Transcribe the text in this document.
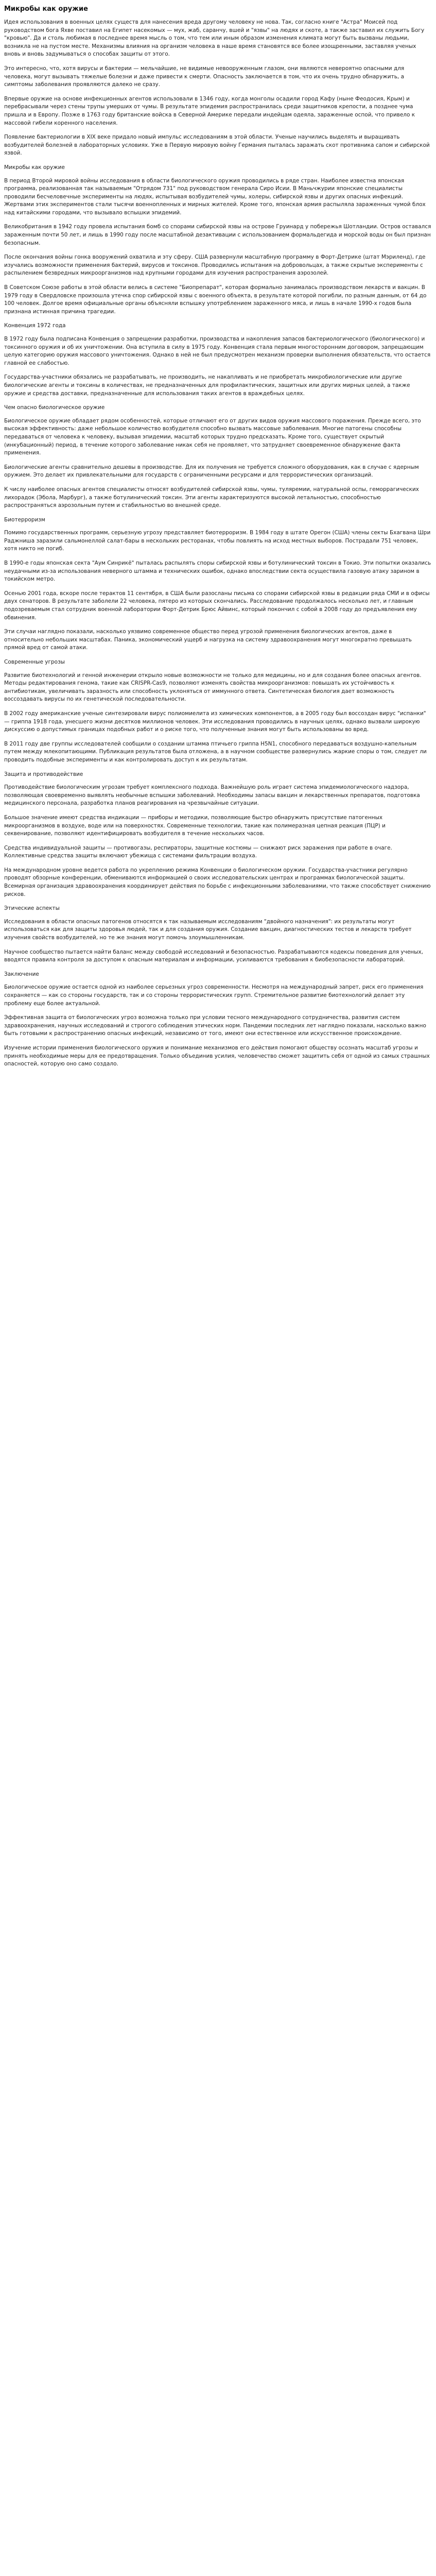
Микробы как оружие

Идея использования в военных целях существ для нанесения вреда другому человеку не нова. Так, согласно книге "Астра" Моисей под руководством бога Яхве поставил на Египет насекомых — мух, жаб, саранчу, вшей и "язвы" на людях и скоте, а также заставил их служить Богу "кровью". Да и столь любимая в последнее время мысль о том, что тем или иным образом изменения климата могут быть вызваны людьми, возникла не на пустом месте. Механизмы влияния на организм человека в наше время становятся все более изощренными, заставляя ученых вновь и вновь задумываться о способах защиты от этого.

Это интересно, что, хотя вирусы и бактерии — мельчайшие, не видимые невооруженным глазом, они являются невероятно опасными для человека, могут вызывать тяжелые болезни и даже привести к смерти. Опасность заключается в том, что их очень трудно обнаружить, а симптомы заболевания проявляются далеко не сразу.

Впервые оружие на основе инфекционных агентов использовали в 1346 году, когда монголы осадили город Кафу (ныне Феодосия, Крым) и перебрасывали через стены трупы умерших от чумы. В результате эпидемия распространилась среди защитников крепости, а позднее чума пришла и в Европу. Позже в 1763 году британские войска в Северной Америке передали индейцам одеяла, зараженные оспой, что привело к массовой гибели коренного населения.

Появление бактериологии в XIX веке придало новый импульс исследованиям в этой области. Ученые научились выделять и выращивать возбудителей болезней в лабораторных условиях. Уже в Первую мировую войну Германия пыталась заражать скот противника сапом и сибирской язвой.

Микробы как оружие

В период Второй мировой войны исследования в области биологического оружия проводились в ряде стран. Наиболее известна японская программа, реализованная так называемым "Отрядом 731" под руководством генерала Сиро Исии. В Маньчжурии японские специалисты проводили бесчеловечные эксперименты на людях, испытывая возбудителей чумы, холеры, сибирской язвы и других опасных инфекций. Жертвами этих экспериментов стали тысячи военнопленных и мирных жителей. Кроме того, японская армия распыляла зараженных чумой блох над китайскими городами, что вызывало вспышки эпидемий.

Великобритания в 1942 году провела испытания бомб со спорами сибирской язвы на острове Груинард у побережья Шотландии. Остров оставался зараженным почти 50 лет, и лишь в 1990 году после масштабной дезактивации с использованием формальдегида и морской воды он был признан безопасным.

После окончания войны гонка вооружений охватила и эту сферу. США развернули масштабную программу в Форт-Детрике (штат Мэриленд), где изучались возможности применения бактерий, вирусов и токсинов. Проводились испытания на добровольцах, а также скрытые эксперименты с распылением безвредных микроорганизмов над крупными городами для изучения распространения аэрозолей.

В Советском Союзе работы в этой области велись в системе "Биопрепарат", которая формально занималась производством лекарств и вакцин. В 1979 году в Свердловске произошла утечка спор сибирской язвы с военного объекта, в результате которой погибли, по разным данным, от 64 до 100 человек. Долгое время официальные органы объясняли вспышку употреблением зараженного мяса, и лишь в начале 1990-х годов была признана истинная причина трагедии.

Конвенция 1972 года

В 1972 году была подписана Конвенция о запрещении разработки, производства и накопления запасов бактериологического (биологического) и токсинного оружия и об их уничтожении. Она вступила в силу в 1975 году. Конвенция стала первым многосторонним договором, запрещающим целую категорию оружия массового уничтожения. Однако в ней не был предусмотрен механизм проверки выполнения обязательств, что остается главной ее слабостью.

Государства-участники обязались не разрабатывать, не производить, не накапливать и не приобретать микробиологические или другие биологические агенты и токсины в количествах, не предназначенных для профилактических, защитных или других мирных целей, а также оружие и средства доставки, предназначенные для использования таких агентов в враждебных целях.

Чем опасно биологическое оружие

Биологическое оружие обладает рядом особенностей, которые отличают его от других видов оружия массового поражения. Прежде всего, это высокая эффективность: даже небольшое количество возбудителя способно вызвать массовые заболевания. Многие патогены способны передаваться от человека к человеку, вызывая эпидемии, масштаб которых трудно предсказать. Кроме того, существует скрытый (инкубационный) период, в течение которого заболевание никак себя не проявляет, что затрудняет своевременное обнаружение факта применения.

Биологические агенты сравнительно дешевы в производстве. Для их получения не требуется сложного оборудования, как в случае с ядерным оружием. Это делает их привлекательными для государств с ограниченными ресурсами и для террористических организаций.

К числу наиболее опасных агентов специалисты относят возбудителей сибирской язвы, чумы, туляремии, натуральной оспы, геморрагических лихорадок (Эбола, Марбург), а также ботулинический токсин. Эти агенты характеризуются высокой летальностью, способностью распространяться аэрозольным путем и стабильностью во внешней среде.

Биотерроризм

Помимо государственных программ, серьезную угрозу представляет биотерроризм. В 1984 году в штате Орегон (США) члены секты Бхагвана Шри Раджниша заразили сальмонеллой салат-бары в нескольких ресторанах, чтобы повлиять на исход местных выборов. Пострадали 751 человек, хотя никто не погиб.

В 1990-е годы японская секта "Аум Синрикё" пыталась распылять споры сибирской язвы и ботулинический токсин в Токио. Эти попытки оказались неудачными из-за использования неверного штамма и технических ошибок, однако впоследствии секта осуществила газовую атаку зарином в токийском метро.

Осенью 2001 года, вскоре после терактов 11 сентября, в США были разосланы письма со спорами сибирской язвы в редакции ряда СМИ и в офисы двух сенаторов. В результате заболели 22 человека, пятеро из которых скончались. Расследование продолжалось несколько лет, и главным подозреваемым стал сотрудник военной лаборатории Форт-Детрик Брюс Айвинс, который покончил с собой в 2008 году до предъявления ему обвинения.

Эти случаи наглядно показали, насколько уязвимо современное общество перед угрозой применения биологических агентов, даже в относительно небольших масштабах. Паника, экономический ущерб и нагрузка на систему здравоохранения могут многократно превышать прямой вред от самой атаки.

Современные угрозы

Развитие биотехнологий и генной инженерии открыло новые возможности не только для медицины, но и для создания более опасных агентов. Методы редактирования генома, такие как CRISPR-Cas9, позволяют изменять свойства микроорганизмов: повышать их устойчивость к антибиотикам, увеличивать заразность или способность уклоняться от иммунного ответа. Синтетическая биология дает возможность воссоздавать вирусы по их генетической последовательности.

В 2002 году американские ученые синтезировали вирус полиомиелита из химических компонентов, а в 2005 году был воссоздан вирус "испанки" — гриппа 1918 года, унесшего жизни десятков миллионов человек. Эти исследования проводились в научных целях, однако вызвали широкую дискуссию о допустимых границах подобных работ и о риске того, что полученные знания могут быть использованы во вред.

В 2011 году две группы исследователей сообщили о создании штамма птичьего гриппа H5N1, способного передаваться воздушно-капельным путем между млекопитающими. Публикация результатов была отложена, а в научном сообществе развернулись жаркие споры о том, следует ли проводить подобные эксперименты и как контролировать доступ к их результатам.

Защита и противодействие

Противодействие биологическим угрозам требует комплексного подхода. Важнейшую роль играет система эпидемиологического надзора, позволяющая своевременно выявлять необычные вспышки заболеваний. Необходимы запасы вакцин и лекарственных препаратов, подготовка медицинского персонала, разработка планов реагирования на чрезвычайные ситуации.

Большое значение имеют средства индикации — приборы и методики, позволяющие быстро обнаружить присутствие патогенных микроорганизмов в воздухе, воде или на поверхностях. Современные технологии, такие как полимеразная цепная реакция (ПЦР) и секвенирование, позволяют идентифицировать возбудителя в течение нескольких часов.

Средства индивидуальной защиты — противогазы, респираторы, защитные костюмы — снижают риск заражения при работе в очаге. Коллективные средства защиты включают убежища с системами фильтрации воздуха.

На международном уровне ведется работа по укреплению режима Конвенции о биологическом оружии. Государства-участники регулярно проводят обзорные конференции, обмениваются информацией о своих исследовательских центрах и программах биологической защиты. Всемирная организация здравоохранения координирует действия по борьбе с инфекционными заболеваниями, что также способствует снижению рисков.

Этические аспекты

Исследования в области опасных патогенов относятся к так называемым исследованиям "двойного назначения": их результаты могут использоваться как для защиты здоровья людей, так и для создания оружия. Создание вакцин, диагностических тестов и лекарств требует изучения свойств возбудителей, но те же знания могут помочь злоумышленникам.

Научное сообщество пытается найти баланс между свободой исследований и безопасностью. Разрабатываются кодексы поведения для ученых, вводятся правила контроля за доступом к опасным материалам и информации, усиливаются требования к биобезопасности лабораторий.

Заключение

Биологическое оружие остается одной из наиболее серьезных угроз современности. Несмотря на международный запрет, риск его применения сохраняется — как со стороны государств, так и со стороны террористических групп. Стремительное развитие биотехнологий делает эту проблему еще более актуальной.

Эффективная защита от биологических угроз возможна только при условии тесного международного сотрудничества, развития систем здравоохранения, научных исследований и строгого соблюдения этических норм. Пандемии последних лет наглядно показали, насколько важно быть готовыми к распространению опасных инфекций, независимо от того, имеют они естественное или искусственное происхождение.

Изучение истории применения биологического оружия и понимание механизмов его действия помогают обществу осознать масштаб угрозы и принять необходимые меры для ее предотвращения. Только объединив усилия, человечество сможет защитить себя от одной из самых страшных опасностей, которую оно само создало.
